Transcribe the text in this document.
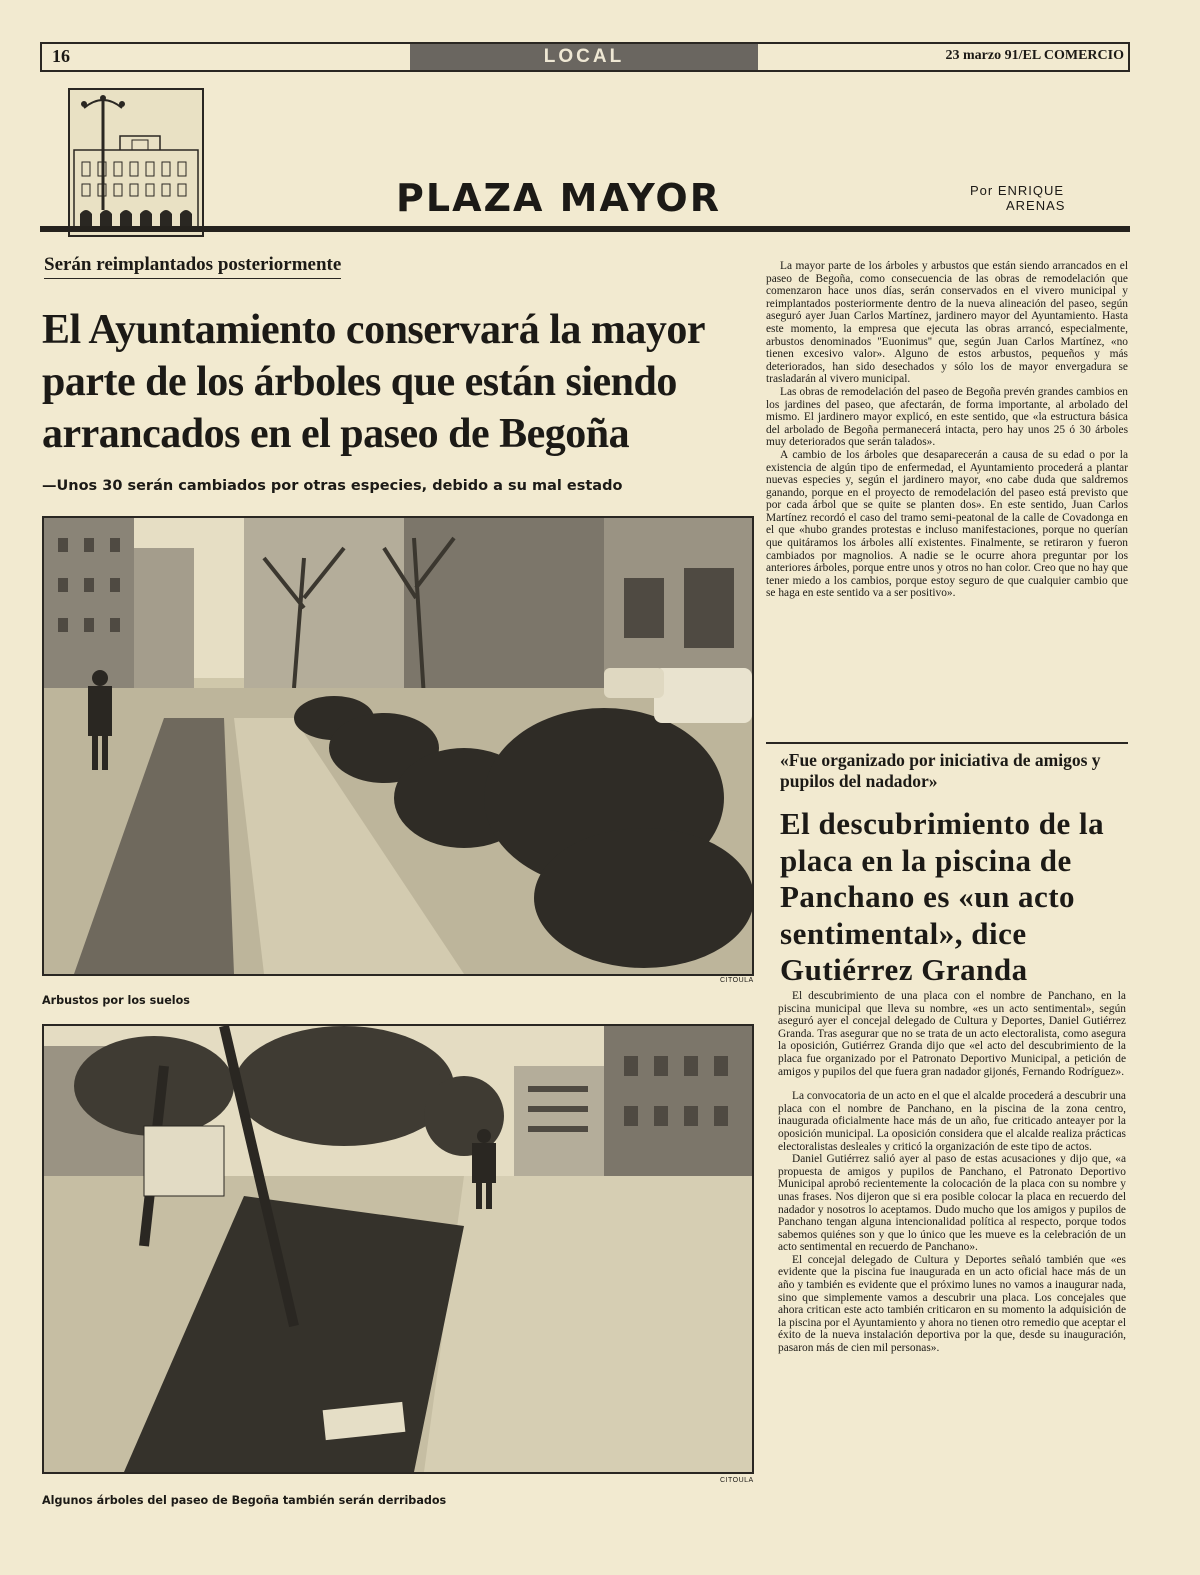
16	LOCAL	23 marzo 91/EL COMERCIO
PLAZA MAYOR	Por ENRIQUE
ARENAS
Serán reimplantados posteriormente
El Ayuntamiento conservará la mayor parte de los árboles que están siendo arrancados en el paseo de Begoña
—Unos 30 serán cambiados por otras especies, debido a su mal estado

La mayor parte de los árboles y arbustos que están siendo arrancados en el paseo de Begoña, como consecuencia de las obras de remodelación que comenzaron hace unos días, serán conservados en el vivero municipal y reimplantados posteriormente dentro de la nueva alineación del paseo, según aseguró ayer Juan Carlos Martínez, jardinero mayor del Ayuntamiento. Hasta este momento, la empresa que ejecuta las obras arrancó, especialmente, arbustos denominados ''Euonimus'' que, según Juan Carlos Martínez, «no tienen excesivo valor». Alguno de estos arbustos, pequeños y más deteriorados, han sido desechados y sólo los de mayor envergadura se trasladarán al vivero municipal.

Las obras de remodelación del paseo de Begoña prevén grandes cambios en los jardines del paseo, que afectarán, de forma importante, al arbolado del mismo. El jardinero mayor explicó, en este sentido, que «la estructura básica del arbolado de Begoña permanecerá intacta, pero hay unos 25 ó 30 árboles muy deteriorados que serán talados».

A cambio de los árboles que desaparecerán a causa de su edad o por la existencia de algún tipo de enfermedad, el Ayuntamiento procederá a plantar nuevas especies y, según el jardinero mayor, «no cabe duda que saldremos ganando, porque en el proyecto de remodelación del paseo está previsto que por cada árbol que se quite se planten dos». En este sentido, Juan Carlos Martínez recordó el caso del tramo semi-peatonal de la calle de Covadonga en el que «hubo grandes protestas e incluso manifestaciones, porque no querían que quitáramos los árboles allí existentes. Finalmente, se retiraron y fueron cambiados por magnolios. A nadie se le ocurre ahora preguntar por los anteriores árboles, porque entre unos y otros no han color. Creo que no hay que tener miedo a los cambios, porque estoy seguro de que cualquier cambio que se haga en este sentido va a ser positivo».

CITOULA
Arbustos por los suelos
CITOULA
Algunos árboles del paseo de Begoña también serán derribados
«Fue organizado por iniciativa de amigos y pupilos del nadador»
El descubrimiento de la placa en la piscina de Panchano es «un acto sentimental», dice Gutiérrez Granda

El descubrimiento de una placa con el nombre de Panchano, en la piscina municipal que lleva su nombre, «es un acto sentimental», según aseguró ayer el concejal delegado de Cultura y Deportes, Daniel Gutiérrez Granda. Tras asegurar que no se trata de un acto electoralista, como asegura la oposición, Gutiérrez Granda dijo que «el acto del descubrimiento de la placa fue organizado por el Patronato Deportivo Municipal, a petición de amigos y pupilos del que fuera gran nadador gijonés, Fernando Rodríguez».

La convocatoria de un acto en el que el alcalde procederá a descubrir una placa con el nombre de Panchano, en la piscina de la zona centro, inaugurada oficialmente hace más de un año, fue criticado anteayer por la oposición municipal. La oposición considera que el alcalde realiza prácticas electoralistas desleales y criticó la organización de este tipo de actos.

Daniel Gutiérrez salió ayer al paso de estas acusaciones y dijo que, «a propuesta de amigos y pupilos de Panchano, el Patronato Deportivo Municipal aprobó recientemente la colocación de la placa con su nombre y unas frases. Nos dijeron que si era posible colocar la placa en recuerdo del nadador y nosotros lo aceptamos. Dudo mucho que los amigos y pupilos de Panchano tengan alguna intencionalidad política al respecto, porque todos sabemos quiénes son y que lo único que les mueve es la celebración de un acto sentimental en recuerdo de Panchano».

El concejal delegado de Cultura y Deportes señaló también que «es evidente que la piscina fue inaugurada en un acto oficial hace más de un año y también es evidente que el próximo lunes no vamos a inaugurar nada, sino que simplemente vamos a descubrir una placa. Los concejales que ahora critican este acto también criticaron en su momento la adquisición de la piscina por el Ayuntamiento y ahora no tienen otro remedio que aceptar el éxito de la nueva instalación deportiva por la que, desde su inauguración, pasaron más de cien mil personas».
